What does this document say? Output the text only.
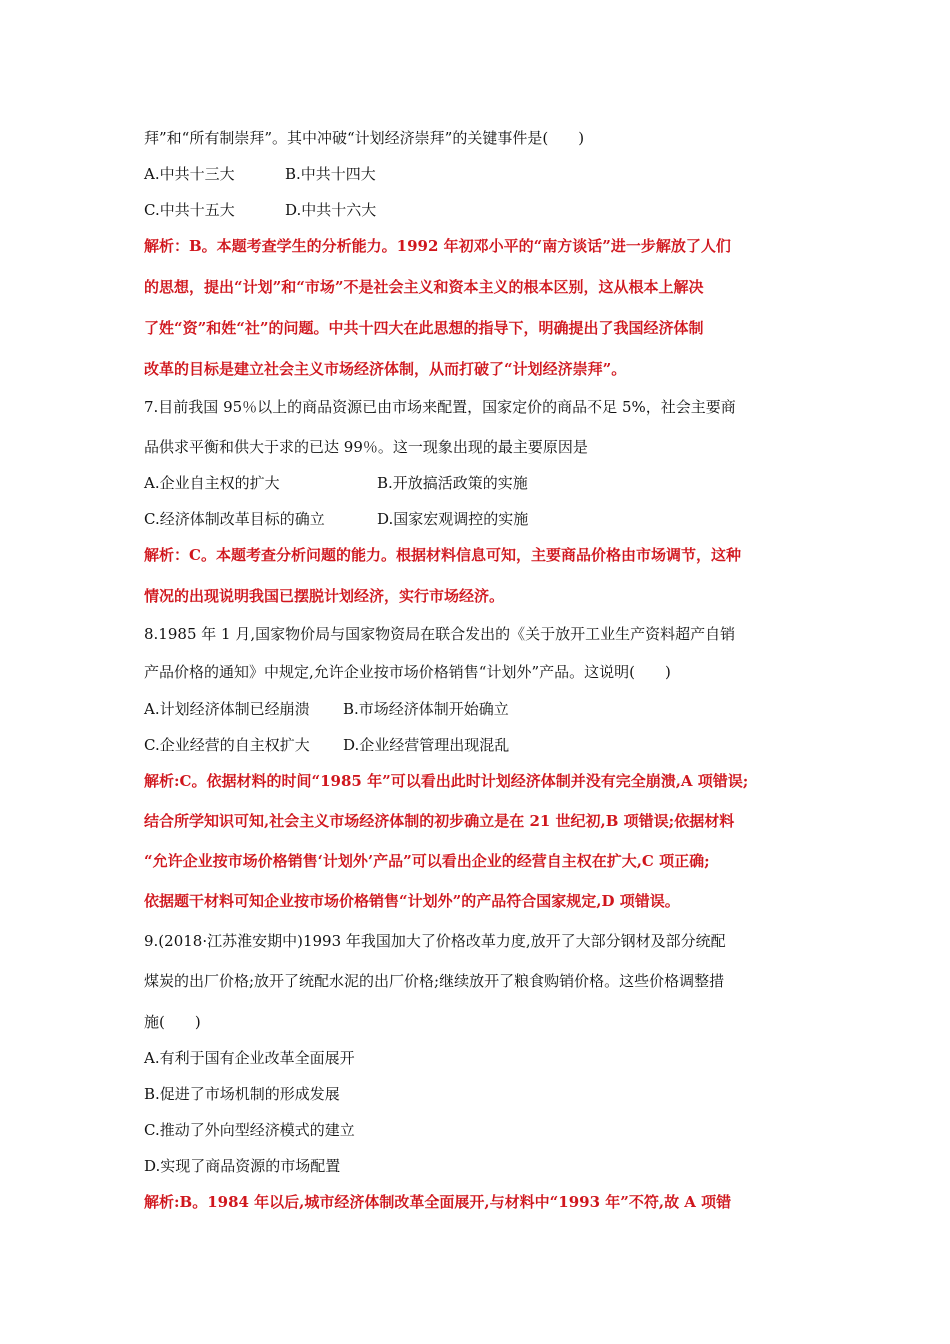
拜”和“所有制崇拜”。其中冲破“计划经济崇拜”的关键事件是(　　)
A.中共十三大	B.中共十四大
C.中共十五大	D.中共十六大
解析：B。本题考查学生的分析能力。1992 年初邓小平的“南方谈话”进一步解放了人们
的思想，提出“计划”和“市场”不是社会主义和资本主义的根本区别，这从根本上解决
了姓“资”和姓“社”的问题。中共十四大在此思想的指导下，明确提出了我国经济体制
改革的目标是建立社会主义市场经济体制，从而打破了“计划经济崇拜”。
7.目前我国 95％以上的商品资源已由市场来配置，国家定价的商品不足 5%，社会主要商
品供求平衡和供大于求的已达 99％。这一现象出现的最主要原因是
A.企业自主权的扩大	B.开放搞活政策的实施
C.经济体制改革目标的确立	D.国家宏观调控的实施
解析：C。本题考查分析问题的能力。根据材料信息可知，主要商品价格由市场调节，这种
情况的出现说明我国已摆脱计划经济，实行市场经济。
8.1985 年 1 月,国家物价局与国家物资局在联合发出的《关于放开工业生产资料超产自销
产品价格的通知》中规定,允许企业按市场价格销售“计划外”产品。这说明(　　)
A.计划经济体制已经崩溃 B.市场经济体制开始确立
C.企业经营的自主权扩大 D.企业经营管理出现混乱
解析:C。依据材料的时间“1985 年”可以看出此时计划经济体制并没有完全崩溃,A 项错误;
结合所学知识可知,社会主义市场经济体制的初步确立是在 21 世纪初,B 项错误;依据材料
“允许企业按市场价格销售‘计划外’产品”可以看出企业的经营自主权在扩大,C 项正确;
依据题干材料可知企业按市场价格销售“计划外”的产品符合国家规定,D 项错误。
9.(2018·江苏淮安期中)1993 年我国加大了价格改革力度,放开了大部分钢材及部分统配
煤炭的出厂价格;放开了统配水泥的出厂价格;继续放开了粮食购销价格。这些价格调整措
施(　　)
A.有利于国有企业改革全面展开
B.促进了市场机制的形成发展
C.推动了外向型经济模式的建立
D.实现了商品资源的市场配置
解析:B。1984 年以后,城市经济体制改革全面展开,与材料中“1993 年”不符,故 A 项错
